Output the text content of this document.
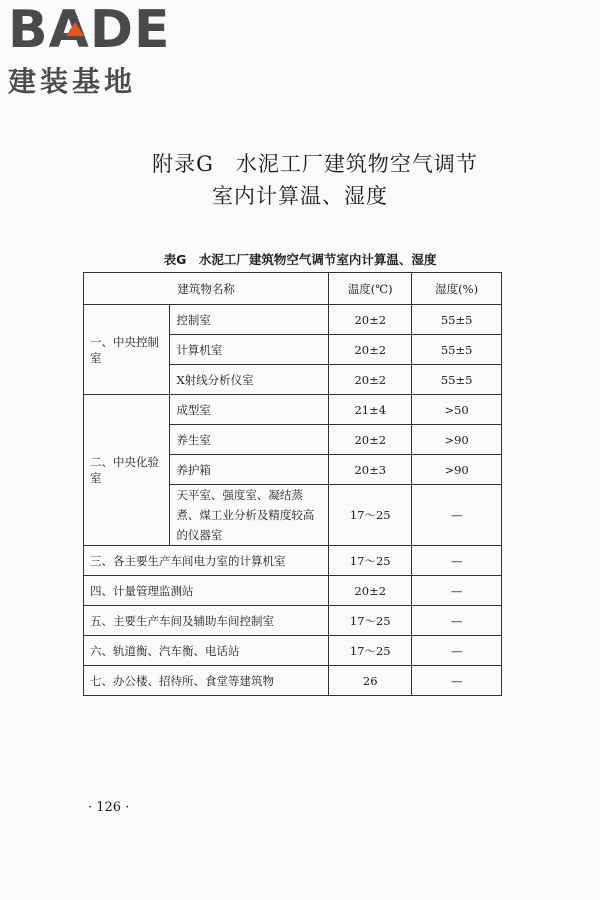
BADE
建装基地
附录G　水泥工厂建筑物空气调节
室内计算温、湿度
表G　水泥工厂建筑物空气调节室内计算温、湿度
建筑物名称		温度(℃)	湿度(%)
一、中央控制室	控制室	20±2	55±5
	计算机室	20±2	55±5
	X射线分析仪室	20±2	55±5
二、中央化验室	成型室	21±4	>50
	养生室	20±2	>90
	养护箱	20±3	>90
	天平室、强度室、凝结蒸煮、煤工业分析及精度较高的仪器室	17～25	—
三、各主要生产车间电力室的计算机室		17～25	—
四、计量管理监测站		20±2	—
五、主要生产车间及辅助车间控制室		17～25	—
六、轨道衡、汽车衡、电话站		17～25	—
七、办公楼、招待所、食堂等建筑物		26	—
· 126 ·
